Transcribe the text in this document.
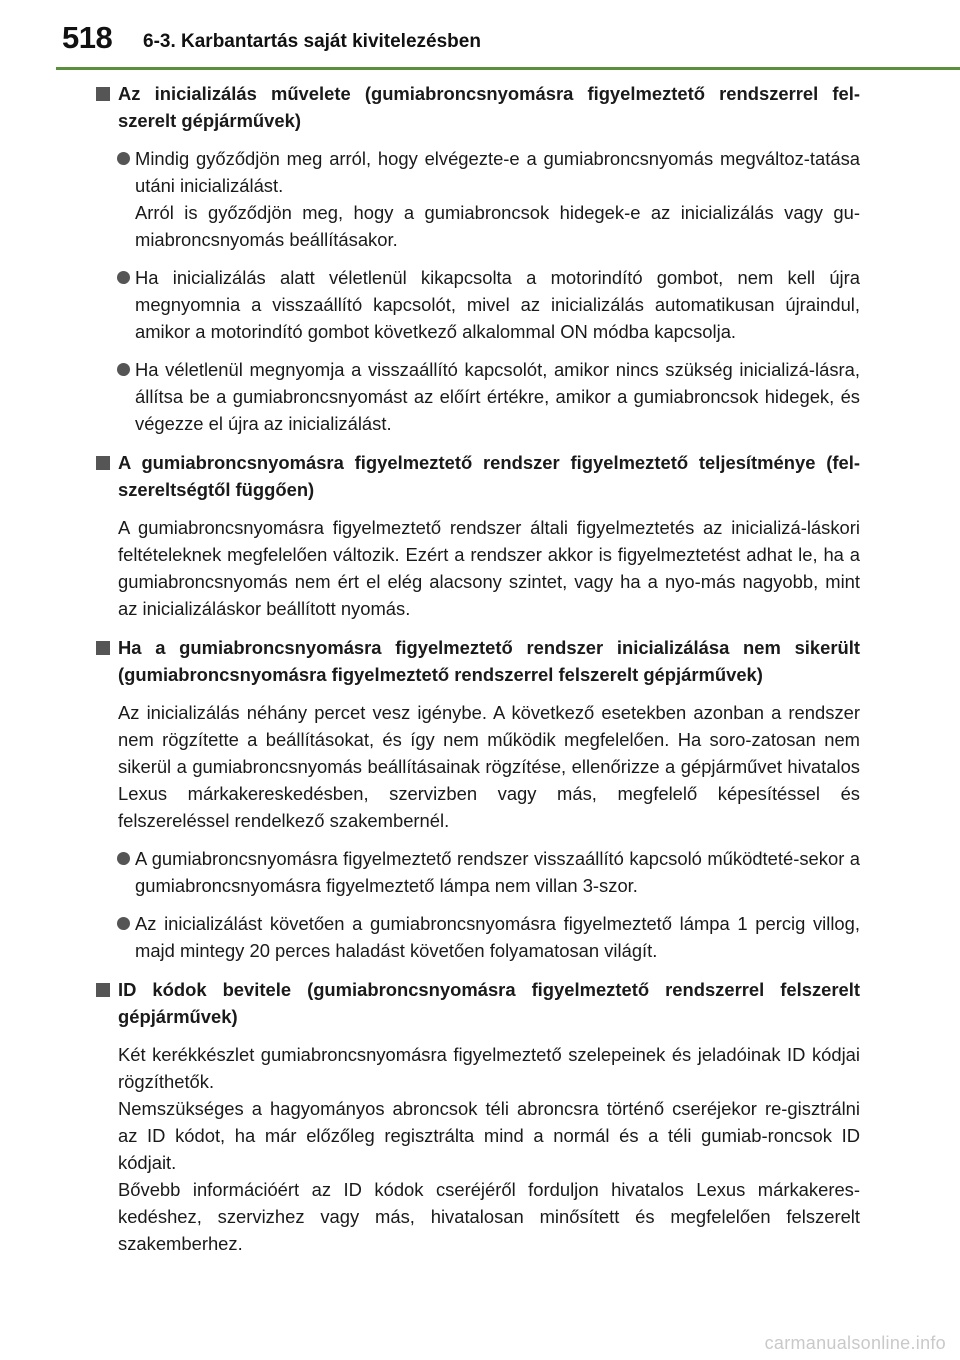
518 6-3. Karbantartás saját kivitelezésben
Az inicializálás művelete (gumiabroncsnyomásra figyelmeztető rendszerrel fel-szerelt gépjárművek)

Mindig győződjön meg arról, hogy elvégezte-e a gumiabroncsnyomás megváltoz-tatása utáni inicializálást.

Arról is győződjön meg, hogy a gumiabroncsok hidegek-e az inicializálás vagy gu-miabroncsnyomás beállításakor.

Ha inicializálás alatt véletlenül kikapcsolta a motorindító gombot, nem kell újra megnyomnia a visszaállító kapcsolót, mivel az inicializálás automatikusan újraindul, amikor a motorindító gombot következő alkalommal ON módba kapcsolja.

Ha véletlenül megnyomja a visszaállító kapcsolót, amikor nincs szükség inicializá-lásra, állítsa be a gumiabroncsnyomást az előírt értékre, amikor a gumiabroncsok hidegek, és végezze el újra az inicializálást.

A gumiabroncsnyomásra figyelmeztető rendszer figyelmeztető teljesítménye (fel-szereltségtől függően)

A gumiabroncsnyomásra figyelmeztető rendszer általi figyelmeztetés az inicializá-láskori feltételeknek megfelelően változik. Ezért a rendszer akkor is figyelmeztetést adhat le, ha a gumiabroncsnyomás nem ért el elég alacsony szintet, vagy ha a nyo-más nagyobb, mint az inicializáláskor beállított nyomás.

Ha a gumiabroncsnyomásra figyelmeztető rendszer inicializálása nem sikerült (gumiabroncsnyomásra figyelmeztető rendszerrel felszerelt gépjárművek)

Az inicializálás néhány percet vesz igénybe. A következő esetekben azonban a rendszer nem rögzítette a beállításokat, és így nem működik megfelelően. Ha soro-zatosan nem sikerül a gumiabroncsnyomás beállításainak rögzítése, ellenőrizze a gépjárművet hivatalos Lexus márkakereskedésben, szervizben vagy más, megfelelő képesítéssel és felszereléssel rendelkező szakembernél.

A gumiabroncsnyomásra figyelmeztető rendszer visszaállító kapcsoló működteté-sekor a gumiabroncsnyomásra figyelmeztető lámpa nem villan 3-szor.

Az inicializálást követően a gumiabroncsnyomásra figyelmeztető lámpa 1 percig villog, majd mintegy 20 perces haladást követően folyamatosan világít.

ID kódok bevitele (gumiabroncsnyomásra figyelmeztető rendszerrel felszerelt gépjárművek)

Két kerékkészlet gumiabroncsnyomásra figyelmeztető szelepeinek és jeladóinak ID kódjai rögzíthetők.

Nemszükséges a hagyományos abroncsok téli abroncsra történő cseréjekor re-gisztrálni az ID kódot, ha már előzőleg regisztrálta mind a normál és a téli gumiab-roncsok ID kódjait.

Bővebb információért az ID kódok cseréjéről forduljon hivatalos Lexus márkakeres-kedéshez, szervizhez vagy más, hivatalosan minősített és megfelelően felszerelt szakemberhez.

carmanualsonline.info
